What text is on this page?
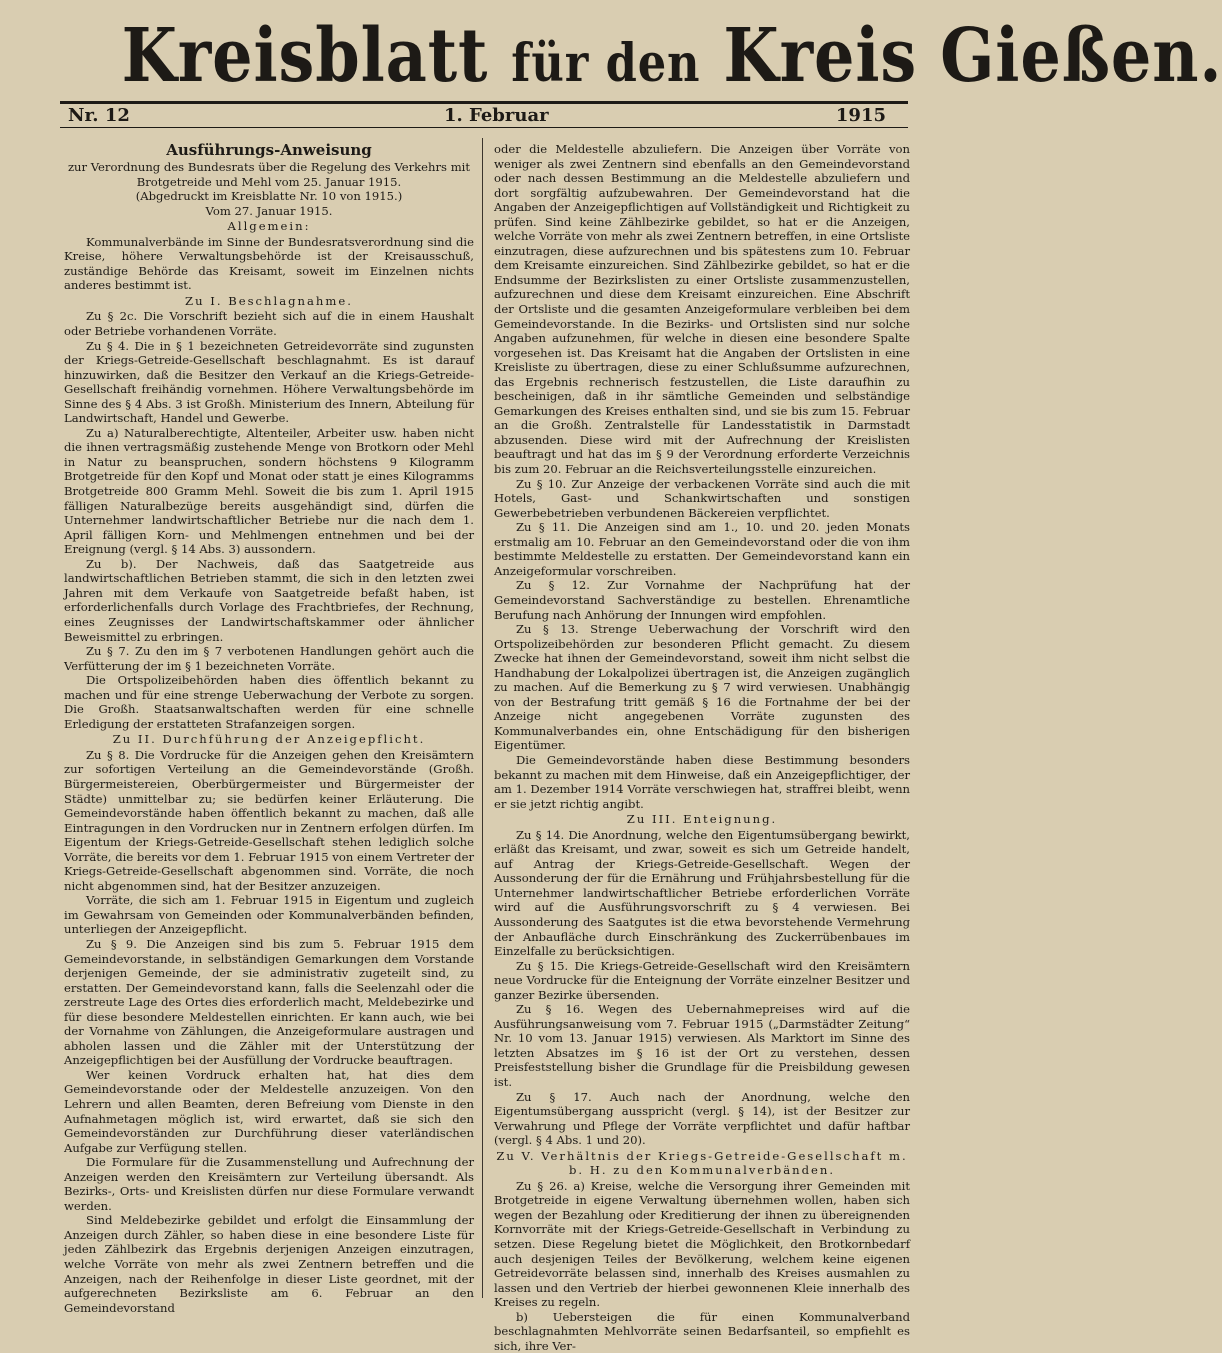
Kreisblatt für den Kreis Gießen.
Nr. 12	1. Februar	1915
Ausführungs-Anweisung

zur Verordnung des Bundesrats über die Regelung des Verkehrs mit Brotgetreide und Mehl vom 25. Januar 1915.

(Abgedruckt im Kreisblatte Nr. 10 von 1915.)

Vom 27. Januar 1915.

Allgemein:

Kommunalverbände im Sinne der Bundesratsverordnung sind die Kreise, höhere Verwaltungsbehörde ist der Kreisausschuß, zuständige Behörde das Kreisamt, soweit im Einzelnen nichts anderes bestimmt ist.

Zu I. Beschlagnahme.

Zu § 2c. Die Vorschrift bezieht sich auf die in einem Haushalt oder Betriebe vorhandenen Vorräte.

Zu § 4. Die in § 1 bezeichneten Getreidevorräte sind zugunsten der Kriegs-Getreide-Gesellschaft beschlagnahmt. Es ist darauf hinzuwirken, daß die Besitzer den Verkauf an die Kriegs-Getreide-Gesellschaft freihändig vornehmen. Höhere Verwaltungsbehörde im Sinne des § 4 Abs. 3 ist Großh. Ministerium des Innern, Abteilung für Landwirtschaft, Handel und Gewerbe.

Zu a) Naturalberechtigte, Altenteiler, Arbeiter usw. haben nicht die ihnen vertragsmäßig zustehende Menge von Brotkorn oder Mehl in Natur zu beanspruchen, sondern höchstens 9 Kilogramm Brotgetreide für den Kopf und Monat oder statt je eines Kilogramms Brotgetreide 800 Gramm Mehl. Soweit die bis zum 1. April 1915 fälligen Naturalbezüge bereits ausgehändigt sind, dürfen die Unternehmer landwirtschaftlicher Betriebe nur die nach dem 1. April fälligen Korn- und Mehlmengen entnehmen und bei der Ereignung (vergl. § 14 Abs. 3) aussondern.

Zu b). Der Nachweis, daß das Saatgetreide aus landwirtschaftlichen Betrieben stammt, die sich in den letzten zwei Jahren mit dem Verkaufe von Saatgetreide befaßt haben, ist erforderlichenfalls durch Vorlage des Frachtbriefes, der Rechnung, eines Zeugnisses der Landwirtschaftskammer oder ähnlicher Beweismittel zu erbringen.

Zu § 7. Zu den im § 7 verbotenen Handlungen gehört auch die Verfütterung der im § 1 bezeichneten Vorräte.

Die Ortspolizeibehörden haben dies öffentlich bekannt zu machen und für eine strenge Ueberwachung der Verbote zu sorgen. Die Großh. Staatsanwaltschaften werden für eine schnelle Erledigung der erstatteten Strafanzeigen sorgen.

Zu II. Durchführung der Anzeigepflicht.

Zu § 8. Die Vordrucke für die Anzeigen gehen den Kreisämtern zur sofortigen Verteilung an die Gemeindevorstände (Großh. Bürgermeistereien, Oberbürgermeister und Bürgermeister der Städte) unmittelbar zu; sie bedürfen keiner Erläuterung. Die Gemeindevorstände haben öffentlich bekannt zu machen, daß alle Eintragungen in den Vordrucken nur in Zentnern erfolgen dürfen. Im Eigentum der Kriegs-Getreide-Gesellschaft stehen lediglich solche Vorräte, die bereits vor dem 1. Februar 1915 von einem Vertreter der Kriegs-Getreide-Gesellschaft abgenommen sind. Vorräte, die noch nicht abgenommen sind, hat der Besitzer anzuzeigen.

Vorräte, die sich am 1. Februar 1915 in Eigentum und zugleich im Gewahrsam von Gemeinden oder Kommunalverbänden befinden, unterliegen der Anzeigepflicht.

Zu § 9. Die Anzeigen sind bis zum 5. Februar 1915 dem Gemeindevorstande, in selbständigen Gemarkungen dem Vorstande derjenigen Gemeinde, der sie administrativ zugeteilt sind, zu erstatten. Der Gemeindevorstand kann, falls die Seelenzahl oder die zerstreute Lage des Ortes dies erforderlich macht, Meldebezirke und für diese besondere Meldestellen einrichten. Er kann auch, wie bei der Vornahme von Zählungen, die Anzeigeformulare austragen und abholen lassen und die Zähler mit der Unterstützung der Anzeigepflichtigen bei der Ausfüllung der Vordrucke beauftragen.

Wer keinen Vordruck erhalten hat, hat dies dem Gemeindevorstande oder der Meldestelle anzuzeigen. Von den Lehrern und allen Beamten, deren Befreiung vom Dienste in den Aufnahmetagen möglich ist, wird erwartet, daß sie sich den Gemeindevorständen zur Durchführung dieser vaterländischen Aufgabe zur Verfügung stellen.

Die Formulare für die Zusammenstellung und Aufrechnung der Anzeigen werden den Kreisämtern zur Verteilung übersandt. Als Bezirks-, Orts- und Kreislisten dürfen nur diese Formulare verwandt werden.

Sind Meldebezirke gebildet und erfolgt die Einsammlung der Anzeigen durch Zähler, so haben diese in eine besondere Liste für jeden Zählbezirk das Ergebnis derjenigen Anzeigen einzutragen, welche Vorräte von mehr als zwei Zentnern betreffen und die Anzeigen, nach der Reihenfolge in dieser Liste geordnet, mit der aufgerechneten Bezirksliste am 6. Februar an den Gemeindevorstand

oder die Meldestelle abzuliefern. Die Anzeigen über Vorräte von weniger als zwei Zentnern sind ebenfalls an den Gemeindevorstand oder nach dessen Bestimmung an die Meldestelle abzuliefern und dort sorgfältig aufzubewahren. Der Gemeindevorstand hat die Angaben der Anzeigepflichtigen auf Vollständigkeit und Richtigkeit zu prüfen. Sind keine Zählbezirke gebildet, so hat er die Anzeigen, welche Vorräte von mehr als zwei Zentnern betreffen, in eine Ortsliste einzutragen, diese aufzurechnen und bis spätestens zum 10. Februar dem Kreisamte einzureichen. Sind Zählbezirke gebildet, so hat er die Endsumme der Bezirkslisten zu einer Ortsliste zusammenzustellen, aufzurechnen und diese dem Kreisamt einzureichen. Eine Abschrift der Ortsliste und die gesamten Anzeigeformulare verbleiben bei dem Gemeindevorstande. In die Bezirks- und Ortslisten sind nur solche Angaben aufzunehmen, für welche in diesen eine besondere Spalte vorgesehen ist. Das Kreisamt hat die Angaben der Ortslisten in eine Kreisliste zu übertragen, diese zu einer Schlußsumme aufzurechnen, das Ergebnis rechnerisch festzustellen, die Liste daraufhin zu bescheinigen, daß in ihr sämtliche Gemeinden und selbständige Gemarkungen des Kreises enthalten sind, und sie bis zum 15. Februar an die Großh. Zentralstelle für Landesstatistik in Darmstadt abzusenden. Diese wird mit der Aufrechnung der Kreislisten beauftragt und hat das im § 9 der Verordnung erforderte Verzeichnis bis zum 20. Februar an die Reichsverteilungsstelle einzureichen.

Zu § 10. Zur Anzeige der verbackenen Vorräte sind auch die mit Hotels, Gast- und Schankwirtschaften und sonstigen Gewerbebetrieben verbundenen Bäckereien verpflichtet.

Zu § 11. Die Anzeigen sind am 1., 10. und 20. jeden Monats erstmalig am 10. Februar an den Gemeindevorstand oder die von ihm bestimmte Meldestelle zu erstatten. Der Gemeindevorstand kann ein Anzeigeformular vorschreiben.

Zu § 12. Zur Vornahme der Nachprüfung hat der Gemeindevorstand Sachverständige zu bestellen. Ehrenamtliche Berufung nach Anhörung der Innungen wird empfohlen.

Zu § 13. Strenge Ueberwachung der Vorschrift wird den Ortspolizeibehörden zur besonderen Pflicht gemacht. Zu diesem Zwecke hat ihnen der Gemeindevorstand, soweit ihm nicht selbst die Handhabung der Lokalpolizei übertragen ist, die Anzeigen zugänglich zu machen. Auf die Bemerkung zu § 7 wird verwiesen. Unabhängig von der Bestrafung tritt gemäß § 16 die Fortnahme der bei der Anzeige nicht angegebenen Vorräte zugunsten des Kommunalverbandes ein, ohne Entschädigung für den bisherigen Eigentümer.

Die Gemeindevorstände haben diese Bestimmung besonders bekannt zu machen mit dem Hinweise, daß ein Anzeigepflichtiger, der am 1. Dezember 1914 Vorräte verschwiegen hat, straffrei bleibt, wenn er sie jetzt richtig angibt.

Zu III. Enteignung.

Zu § 14. Die Anordnung, welche den Eigentumsübergang bewirkt, erläßt das Kreisamt, und zwar, soweit es sich um Getreide handelt, auf Antrag der Kriegs-Getreide-Gesellschaft. Wegen der Aussonderung der für die Ernährung und Frühjahrsbestellung für die Unternehmer landwirtschaftlicher Betriebe erforderlichen Vorräte wird auf die Ausführungsvorschrift zu § 4 verwiesen. Bei Aussonderung des Saatgutes ist die etwa bevorstehende Vermehrung der Anbaufläche durch Einschränkung des Zuckerrübenbaues im Einzelfalle zu berücksichtigen.

Zu § 15. Die Kriegs-Getreide-Gesellschaft wird den Kreisämtern neue Vordrucke für die Enteignung der Vorräte einzelner Besitzer und ganzer Bezirke übersenden.

Zu § 16. Wegen des Uebernahmepreises wird auf die Ausführungsanweisung vom 7. Februar 1915 („Darmstädter Zeitung“ Nr. 10 vom 13. Januar 1915) verwiesen. Als Marktort im Sinne des letzten Absatzes im § 16 ist der Ort zu verstehen, dessen Preisfeststellung bisher die Grundlage für die Preisbildung gewesen ist.

Zu § 17. Auch nach der Anordnung, welche den Eigentumsübergang ausspricht (vergl. § 14), ist der Besitzer zur Verwahrung und Pflege der Vorräte verpflichtet und dafür haftbar (vergl. § 4 Abs. 1 und 20).

Zu V. Verhältnis der Kriegs-Getreide-Gesellschaft m. b. H. zu den Kommunalverbänden.

Zu § 26. a) Kreise, welche die Versorgung ihrer Gemeinden mit Brotgetreide in eigene Verwaltung übernehmen wollen, haben sich wegen der Bezahlung oder Kreditierung der ihnen zu übereignenden Kornvorräte mit der Kriegs-Getreide-Gesellschaft in Verbindung zu setzen. Diese Regelung bietet die Möglichkeit, den Brotkornbedarf auch desjenigen Teiles der Bevölkerung, welchem keine eigenen Getreidevorräte belassen sind, innerhalb des Kreises ausmahlen zu lassen und den Vertrieb der hierbei gewonnenen Kleie innerhalb des Kreises zu regeln.

b) Uebersteigen die für einen Kommunalverband beschlagnahmten Mehlvorräte seinen Bedarfsanteil, so empfiehlt es sich, ihre Ver-
